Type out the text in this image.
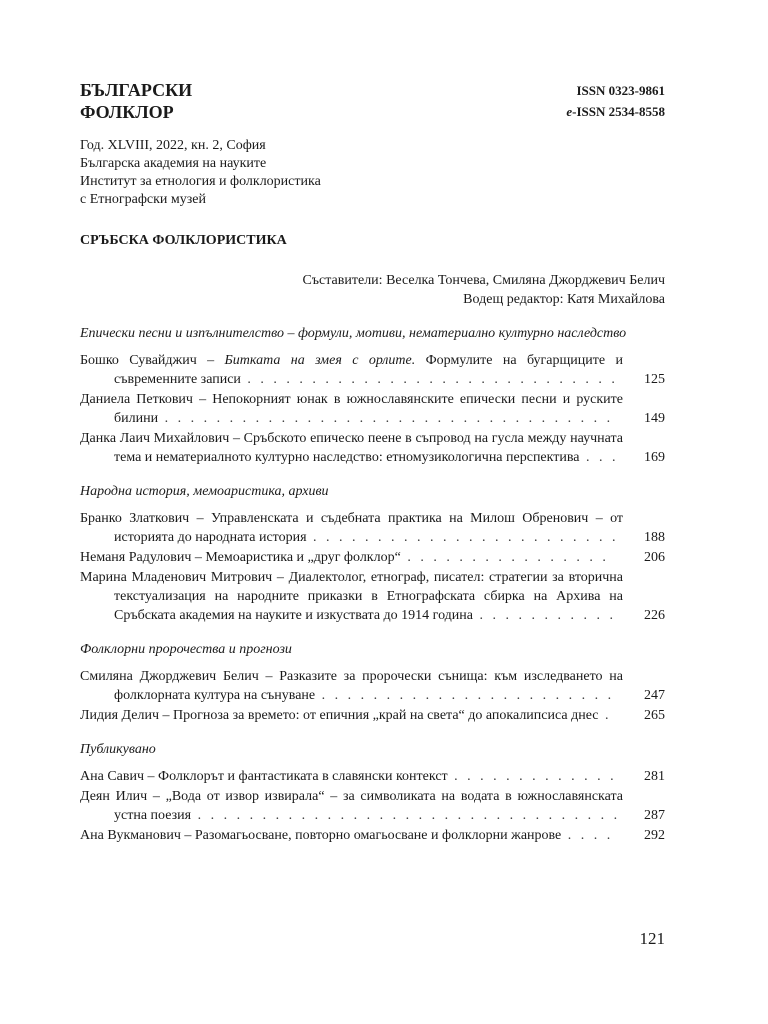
БЪЛГАРСКИ
ФОЛКЛОР
ISSN 0323-9861
e-ISSN 2534-8558
Год. XLVIII, 2022, кн. 2, София
Българска академия на науките
Институт за етнология и фолклористика
с Етнографски музей
СРЪБСКА ФОЛКЛОРИСТИКА
Съставители: Веселка Тончева, Смиляна Джорджевич Белич
Водещ редактор: Катя Михайлова

Епически песни и изпълнителство – формули, мотиви, нематериално културно наследство

Бошко Сувайджич – Битката на змея с орлите. Формулите на бугарщиците и съвременните записи . . . . . . . . . . . . . . . . . . . . . . . . . . . . .	125
Даниела Петкович – Непокорният юнак в южнославянските епически песни и руските билини . . . . . . . . . . . . . . . . . . . . . . . . . . . . . . . . . . .	149
Данка Лаич Михайлович – Сръбското епическо пеене в съпровод на гусла между научната тема и нематериалното културно наследство: етномузикологична перспектива . . .	169

Народна история, мемоаристика, архиви

Бранко Златкович – Управленската и съдебната практика на Милош Обренович – от историята до народната история . . . . . . . . . . . . . . . . . . . . . . . .	188
Неманя Радулович – Мемоаристика и „друг фолклор“ . . . . . . . . . . . . . . . .	206
Марина Младенович Митрович – Диалектолог, етнограф, писател: стратегии за вторична текстуализация на народните приказки в Етнографската сбирка на Архива на Сръбската академия на науките и изкуствата до 1914 година . . . . . . . . . . .	226

Фолклорни пророчества и прогнози

Смиляна Джорджевич Белич – Разказите за пророчески сънища: към изследването на фолклорната култура на сънуване . . . . . . . . . . . . . . . . . . . . . . .	247
Лидия Делич – Прогноза за времето: от епичния „край на света“ до апокалипсиса днес .	265

Публикувано

Ана Савич – Фолклорът и фантастиката в славянски контекст . . . . . . . . . . . . .	281
Деян Илич – „Вода от извор извирала“ – за символиката на водата в южнославянската устна поезия . . . . . . . . . . . . . . . . . . . . . . . . . . . . . . . . .	287
Ана Вукманович – Разомагьосване, повторно омагьосване и фолклорни жанрове . . . .	292
121
